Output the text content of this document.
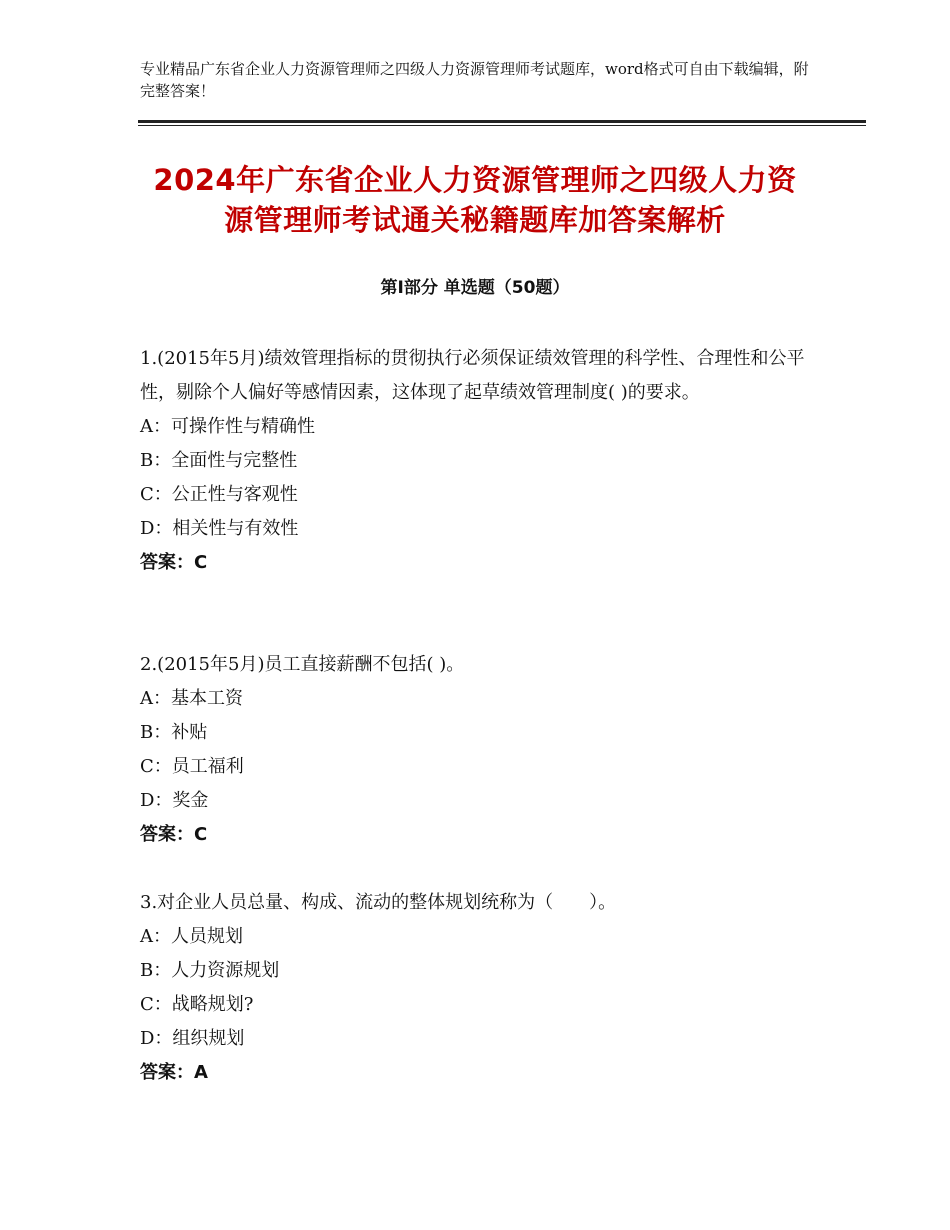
专业精品广东省企业人力资源管理师之四级人力资源管理师考试题库，word格式可自由下载编辑，附完整答案！
2024年广东省企业人力资源管理师之四级人力资源管理师考试通关秘籍题库加答案解析
第Ⅰ部分 单选题（50题）
1.(2015年5月)绩效管理指标的贯彻执行必须保证绩效管理的科学性、合理性和公平性，剔除个人偏好等感情因素，这体现了起草绩效管理制度( )的要求。
A：可操作性与精确性
B：全面性与完整性
C：公正性与客观性
D：相关性与有效性
答案：C
2.(2015年5月)员工直接薪酬不包括( )。
A：基本工资
B：补贴
C：员工福利
D：奖金
答案：C
3.对企业人员总量、构成、流动的整体规划统称为（　　）。
A：人员规划
B：人力资源规划
C：战略规划?
D：组织规划
答案：A
